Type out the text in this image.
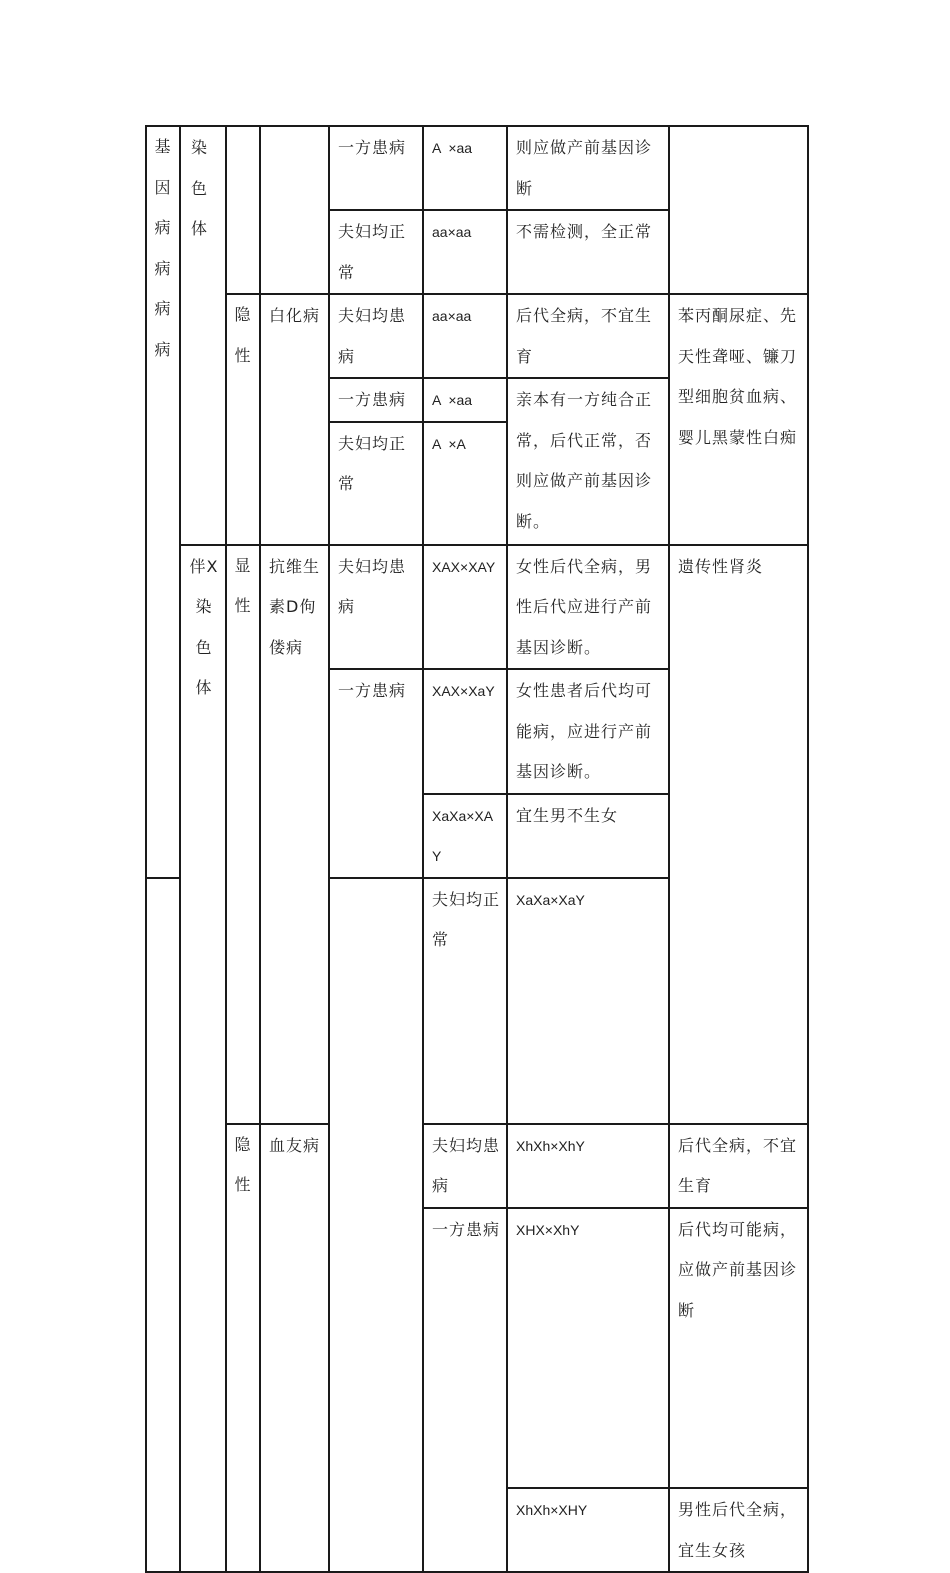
基因病病病病	染色体			一方患病	A  ×aa	则应做产前基因诊断		

				夫妇均正常	aa×aa	不需检测，全正常		

		隐性	白化病	夫妇均患病	aa×aa	后代全病，不宜生育	苯丙酮尿症、先天性聋哑、镰刀型细胞贫血病、婴儿黑蒙性白痴	

				一方患病	A  ×aa	亲本有一方纯合正常，后代正常，否则应做产前基因诊断。		

				夫妇均正常	A  ×A			

	伴X染色体	显性	抗维生素D佝偻病	夫妇均患病	XAX×XAY	女性后代全病，男性后代应进行产前基因诊断。	遗传性肾炎	

				一方患病	XAX×XaY	女性患者后代均可能病，应进行产前基因诊断。		

					XaXa×XAY	宜生男不生女		

					夫妇均正常	XaXa×XaY

		隐性	血友病		夫妇均患病	XhXh×XhY	后代全病，不宜生育

					一方患病	XHX×XhY	后代均可能病，应做产前基因诊断	

						XhXh×XHY	男性后代全病，宜生女孩	
